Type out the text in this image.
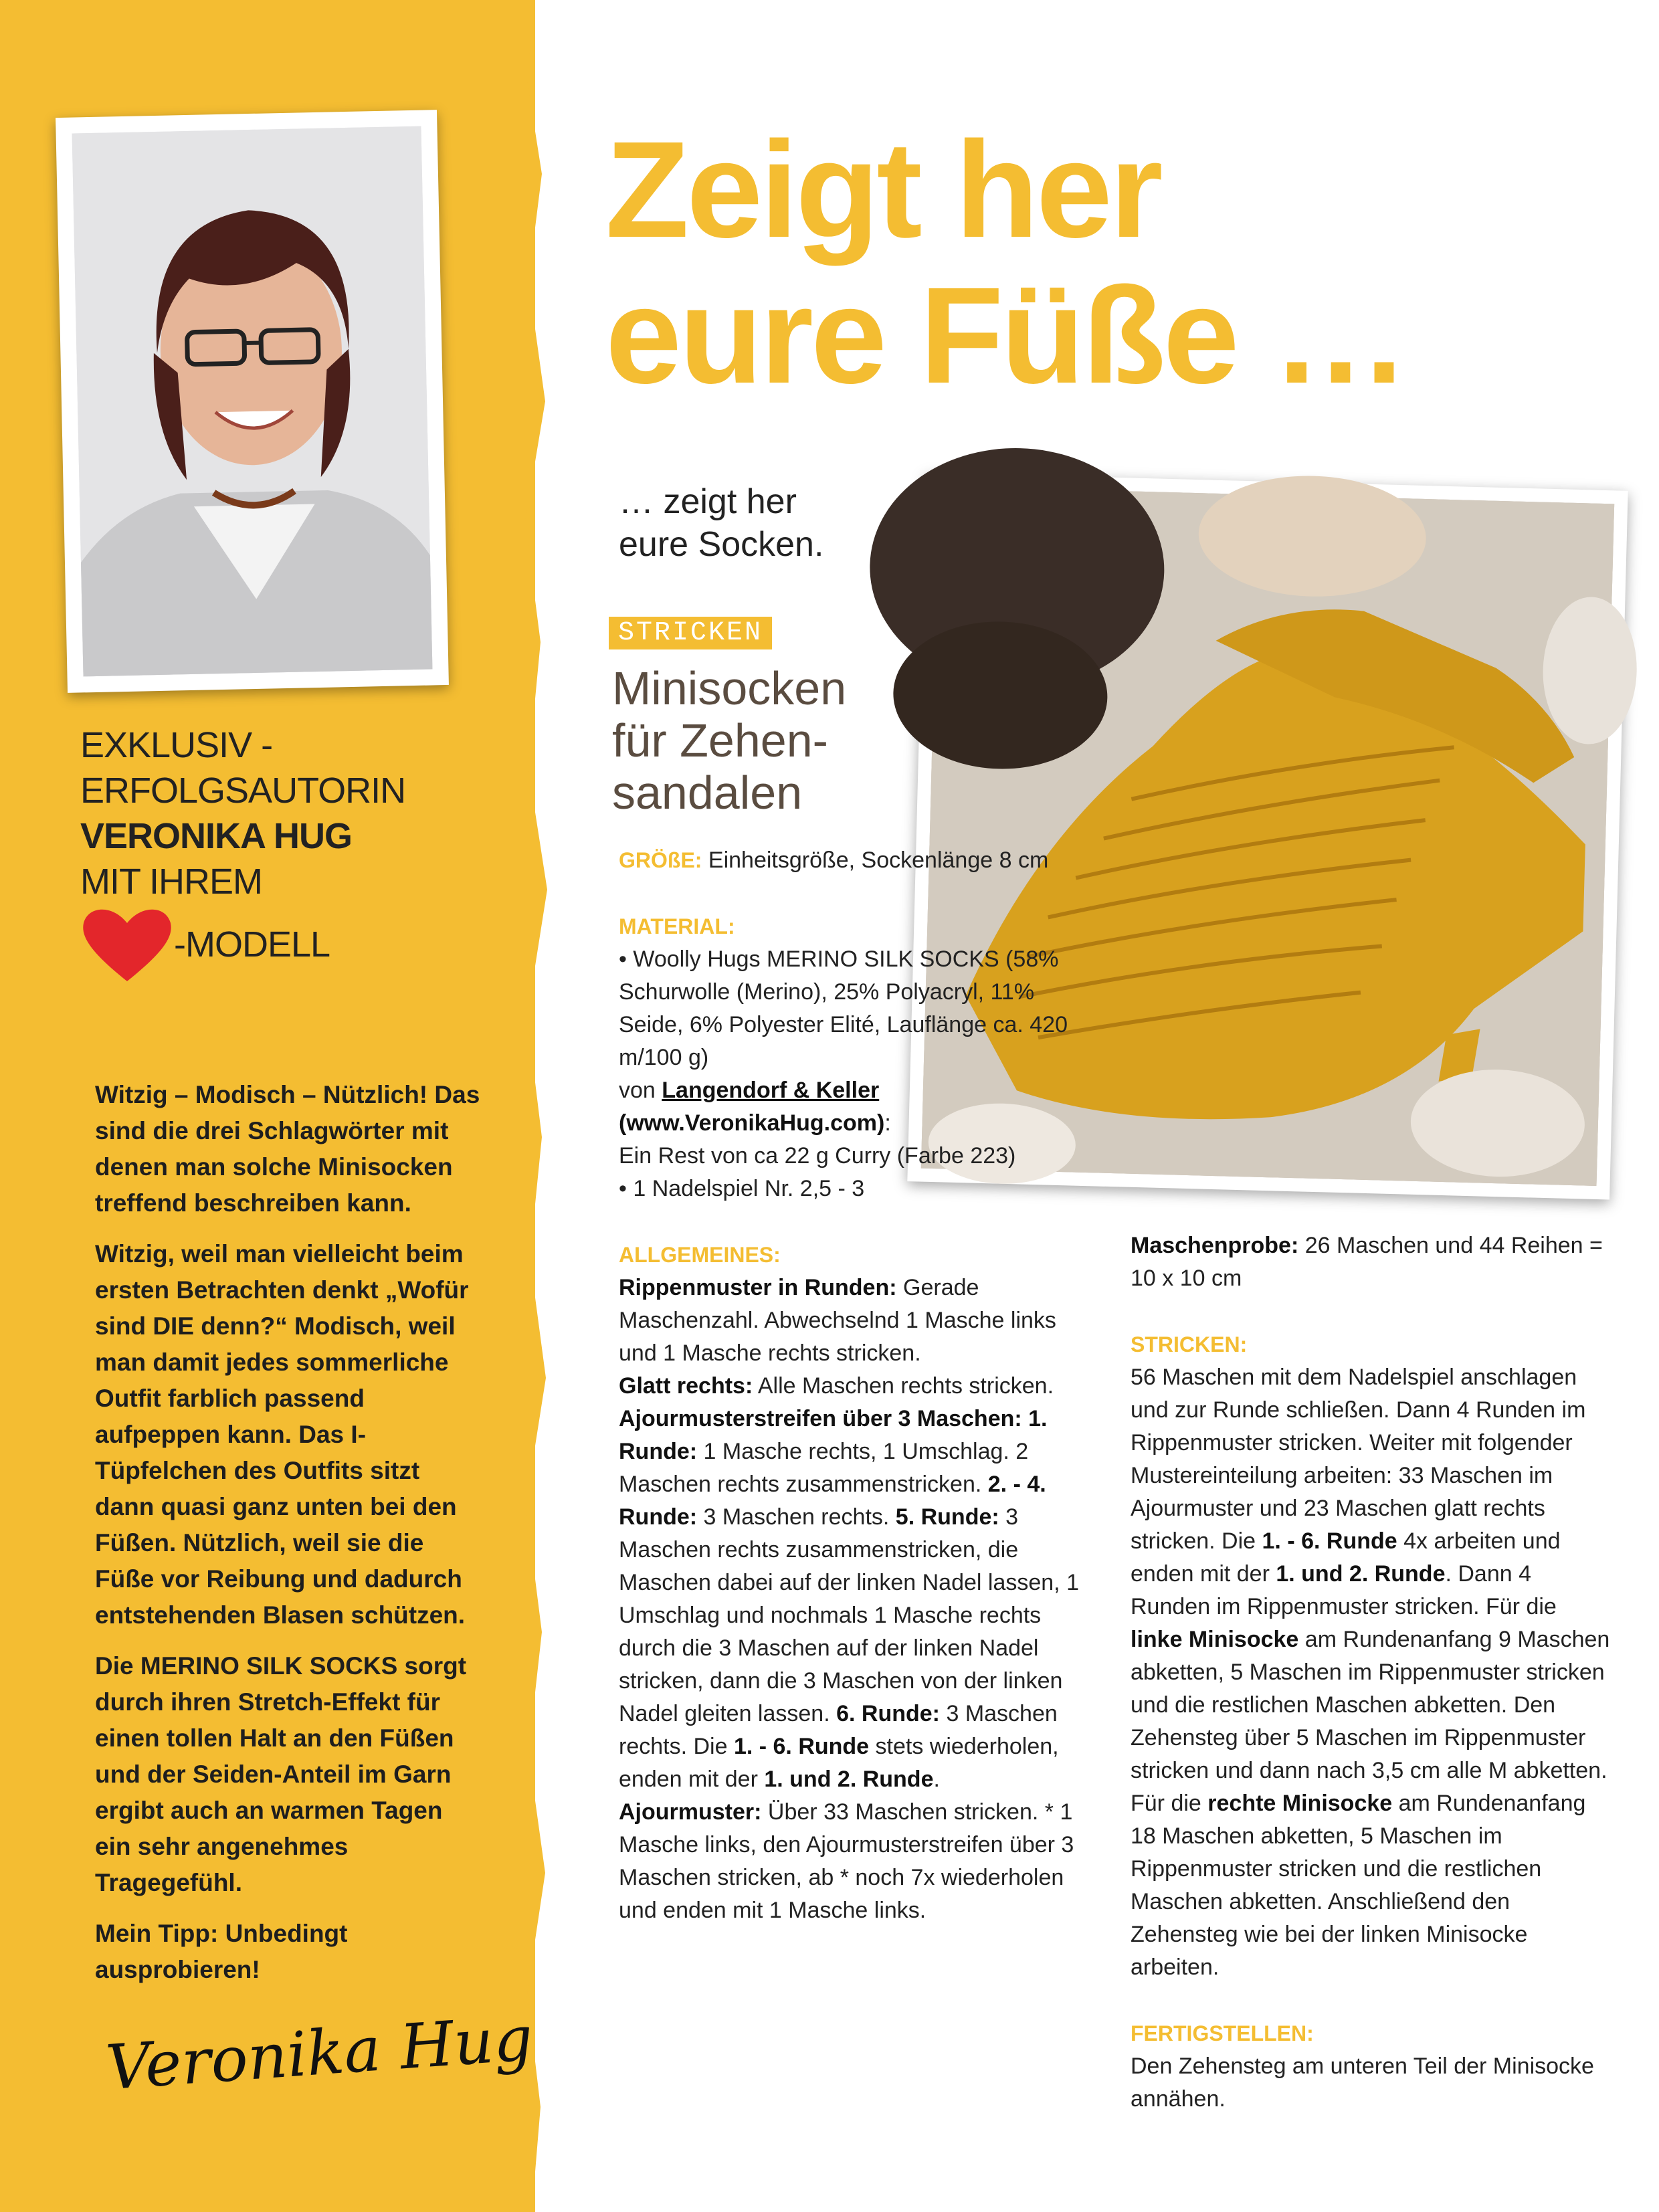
EXKLUSIV -
ERFOLGSAUTORIN
VERONIKA HUG
MIT IHREM
-MODELL

Witzig – Modisch – Nützlich! Das sind die drei Schlagwörter mit denen man solche Minisocken treffend beschreiben kann.

Witzig, weil man vielleicht beim ersten Betrachten denkt „Wofür sind DIE denn?“ Modisch, weil man damit jedes sommerliche Outfit farblich passend aufpeppen kann. Das I-Tüpfelchen des Outfits sitzt dann quasi ganz unten bei den Füßen. Nützlich, weil sie die Füße vor Reibung und dadurch entstehenden Blasen schützen.

Die MERINO SILK SOCKS sorgt durch ihren Stretch-Effekt für einen tollen Halt an den Füßen und der Seiden-Anteil im Garn ergibt auch an warmen Tagen ein sehr angenehmes Tragegefühl.

Mein Tipp: Unbedingt ausprobieren!

Veronika Hug
Zeigt her
eure Füße …
… zeigt her
eure Socken.
STRICKEN
Minisocken
für Zehen-
sandalen

GRÖßE: Einheitsgröße, Sockenlänge 8 cm

MATERIAL:

• Woolly Hugs MERINO SILK SOCKS (58% Schurwolle (Merino), 25% Polyacryl, 11% Seide, 6% Polyester Elité, Lauflänge ca. 420 m/100 g)

von Langendorf & Keller

(www.VeronikaHug.com):

Ein Rest von ca 22 g Curry (Farbe 223)

• 1 Nadelspiel Nr. 2,5 - 3

ALLGEMEINES:

Rippenmuster in Runden: Gerade Maschenzahl. Abwechselnd 1 Masche links und 1 Masche rechts stricken.

Glatt rechts: Alle Maschen rechts stricken.

Ajourmusterstreifen über 3 Maschen: 1. Runde: 1 Masche rechts, 1 Umschlag. 2 Maschen rechts zusammenstricken. 2. - 4. Runde: 3 Maschen rechts. 5. Runde: 3 Maschen rechts zusammenstricken, die Maschen dabei auf der linken Nadel lassen, 1 Umschlag und nochmals 1 Masche rechts durch die 3 Maschen auf der linken Nadel stricken, dann die 3 Maschen von der linken Nadel gleiten lassen. 6. Runde: 3 Maschen rechts. Die 1. - 6. Runde stets wiederholen, enden mit der 1. und 2. Runde.

Ajourmuster: Über 33 Maschen stricken. * 1 Masche links, den Ajourmusterstreifen über 3 Maschen stricken, ab * noch 7x wiederholen und enden mit 1 Masche links.

Maschenprobe: 26 Maschen und 44 Reihen = 10 x 10 cm

STRICKEN:

56 Maschen mit dem Nadelspiel anschlagen und zur Runde schließen. Dann 4 Runden im Rippenmuster stricken. Weiter mit folgender Mustereinteilung arbeiten: 33 Maschen im Ajourmuster und 23 Maschen glatt rechts stricken. Die 1. - 6. Runde 4x arbeiten und enden mit der 1. und 2. Runde. Dann 4 Runden im Rippenmuster stricken. Für die linke Minisocke am Rundenanfang 9 Maschen abketten, 5 Maschen im Rippenmuster stricken und die restlichen Maschen abketten. Den Zehensteg über 5 Maschen im Rippenmuster stricken und dann nach 3,5 cm alle M abketten. Für die rechte Minisocke am Rundenanfang 18 Maschen abketten, 5 Maschen im Rippenmuster stricken und die restlichen Maschen abketten. Anschließend den Zehensteg wie bei der linken Minisocke arbeiten.

FERTIGSTELLEN:

Den Zehensteg am unteren Teil der Minisocke annähen.
